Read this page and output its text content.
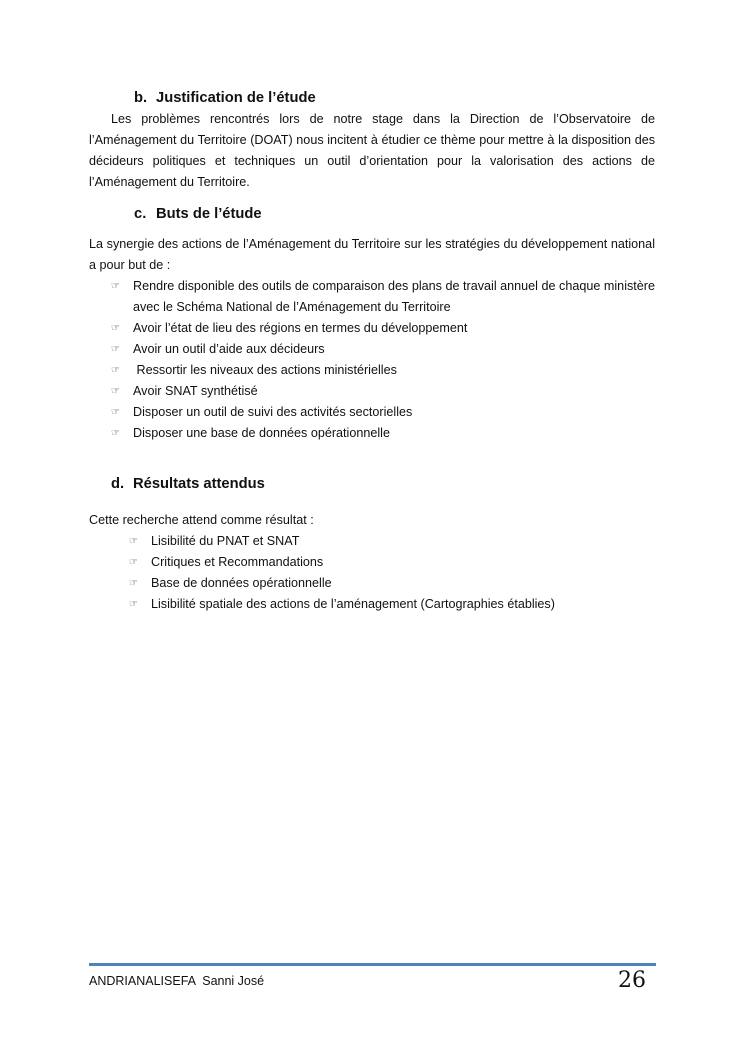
b. Justification de l’étude

Les problèmes rencontrés lors de notre stage dans la Direction de l’Observatoire de l’Aménagement du Territoire (DOAT) nous incitent à étudier ce thème pour mettre à la disposition des décideurs politiques et techniques un outil d’orientation pour la valorisation des actions de l’Aménagement du Territoire.

c. Buts de l’étude

La synergie des actions de l’Aménagement du Territoire sur les stratégies du développement national a pour but de :

☞	Rendre disponible des outils de comparaison des plans de travail annuel de chaque ministère avec le Schéma National de l’Aménagement du Territoire
☞	Avoir l’état de lieu des régions en termes du développement
☞	Avoir un outil d’aide aux décideurs
☞	Ressortir les niveaux des actions ministérielles
☞	Avoir SNAT synthétisé
☞	Disposer un outil de suivi des activités sectorielles
☞	Disposer une base de données opérationnelle
d. Résultats attendus

Cette recherche attend comme résultat :

☞	Lisibilité du PNAT et SNAT
☞	Critiques et Recommandations
☞	Base de données opérationnelle
☞	Lisibilité spatiale des actions de l’aménagement (Cartographies établies)
ANDRIANALISEFA  Sanni José	26
